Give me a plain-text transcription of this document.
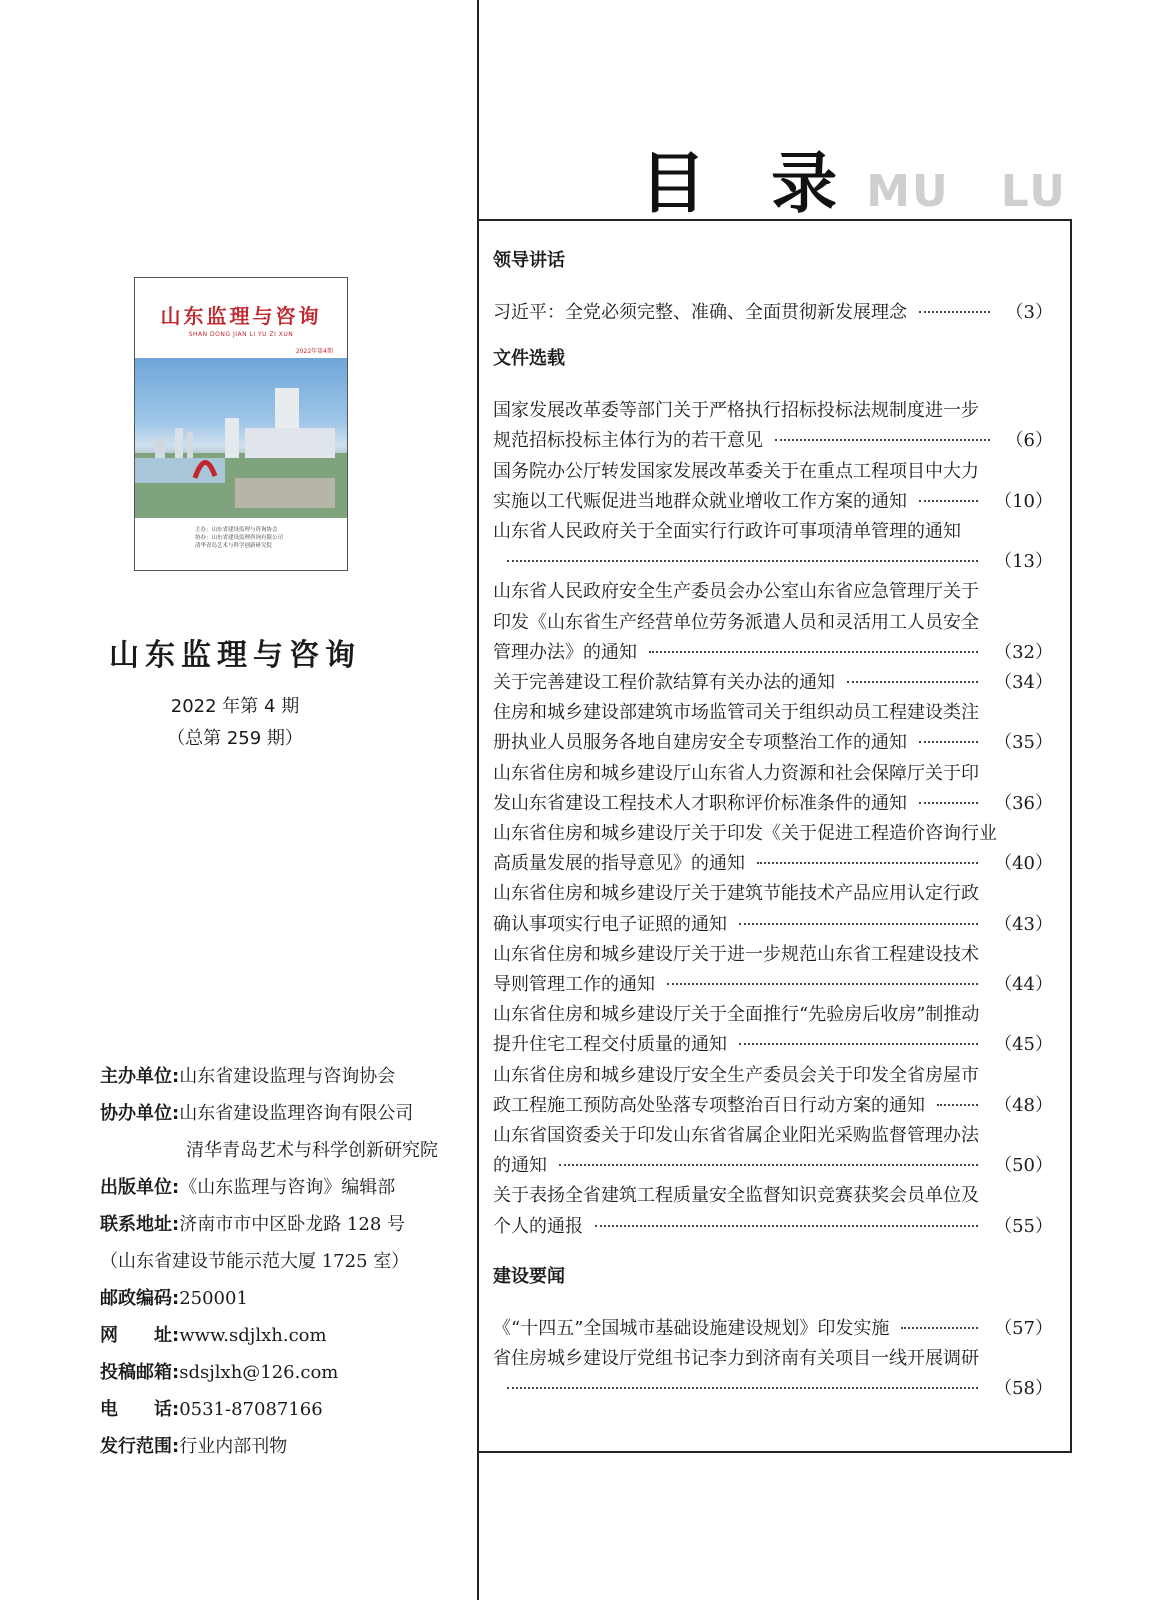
山东监理与咨询
SHAN DONG JIAN LI YU ZI XUN
2022年第4期
主办：山东省建设监理与咨询协会
协办：山东省建设监理咨询有限公司
清华青岛艺术与科学创新研究院
山东监理与咨询
2022 年第 4 期
（总第 259 期）
主办单位:山东省建设监理与咨询协会
协办单位:山东省建设监理咨询有限公司
清华青岛艺术与科学创新研究院
出版单位:《山东监理与咨询》编辑部
联系地址:济南市市中区卧龙路 128 号
（山东省建设节能示范大厦 1725 室）
邮政编码:250001
网　　址:www.sdjlxh.com
投稿邮箱:sdsjlxh@126.com
电　　话:0531-87087166
发行范围:行业内部刊物
目 录 MU LU
领导讲话
习近平：全党必须完整、准确、全面贯彻新发展理念	（3）
文件选载
国家发展改革委等部门关于严格执行招标投标法规制度进一步
规范招标投标主体行为的若干意见	（6）
国务院办公厅转发国家发展改革委关于在重点工程项目中大力
实施以工代赈促进当地群众就业增收工作方案的通知	（10）
山东省人民政府关于全面实行行政许可事项清单管理的通知
（13）
山东省人民政府安全生产委员会办公室山东省应急管理厅关于
印发《山东省生产经营单位劳务派遣人员和灵活用工人员安全
管理办法》的通知	（32）
关于完善建设工程价款结算有关办法的通知	（34）
住房和城乡建设部建筑市场监管司关于组织动员工程建设类注
册执业人员服务各地自建房安全专项整治工作的通知	（35）
山东省住房和城乡建设厅山东省人力资源和社会保障厅关于印
发山东省建设工程技术人才职称评价标准条件的通知	（36）
山东省住房和城乡建设厅关于印发《关于促进工程造价咨询行业
高质量发展的指导意见》的通知	（40）
山东省住房和城乡建设厅关于建筑节能技术产品应用认定行政
确认事项实行电子证照的通知	（43）
山东省住房和城乡建设厅关于进一步规范山东省工程建设技术
导则管理工作的通知	（44）
山东省住房和城乡建设厅关于全面推行“先验房后收房”制推动
提升住宅工程交付质量的通知	（45）
山东省住房和城乡建设厅安全生产委员会关于印发全省房屋市
政工程施工预防高处坠落专项整治百日行动方案的通知	（48）
山东省国资委关于印发山东省省属企业阳光采购监督管理办法
的通知	（50）
关于表扬全省建筑工程质量安全监督知识竞赛获奖会员单位及
个人的通报	（55）
建设要闻
《“十四五”全国城市基础设施建设规划》印发实施	（57）
省住房城乡建设厅党组书记李力到济南有关项目一线开展调研
（58）
